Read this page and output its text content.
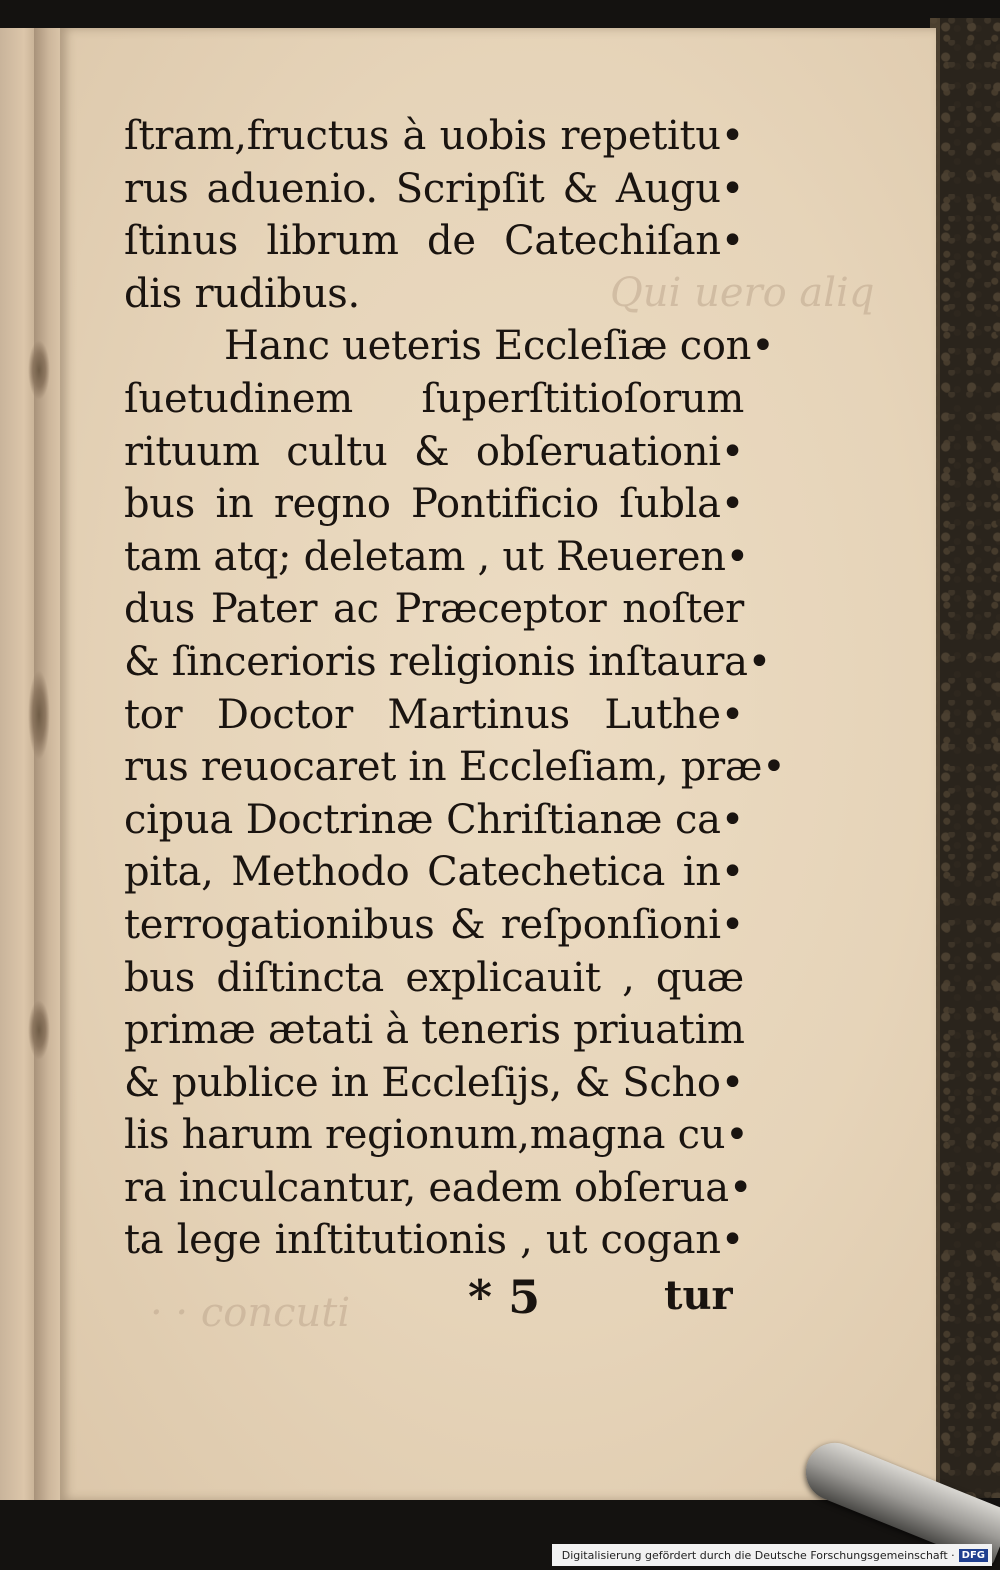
Qui uero aliq
· · concuti
ſtram,fructus à uobis repetitu•
rus aduenio. Scripſit & Augu•
ſtinus librum de Catechiſan•
dis rudibus.
Hanc ueteris Eccleſiæ con•
ſuetudinem ſuperſtitioſorum
rituum cultu & obſeruationi•
bus in regno Pontificio ſubla•
tam atq; deletam , ut Reueren•
dus Pater ac Præceptor noſter
& ſincerioris religionis inſtaura•
tor Doctor Martinus Luthe•
rus reuocaret in Eccleſiam, præ•
cipua Doctrinæ Chriſtianæ ca•
pita, Methodo Catechetica in•
terrogationibus & reſponſioni•
bus diſtincta explicauit , quæ
primæ ætati à teneris priuatim
& publice in Eccleſijs, & Scho•
lis harum regionum,magna cu•
ra inculcantur, eadem obſerua•
ta lege inſtitutionis , ut cogan•
* 5	tur
Digitalisierung gefördert durch die Deutsche Forschungsgemeinschaft · DFG
